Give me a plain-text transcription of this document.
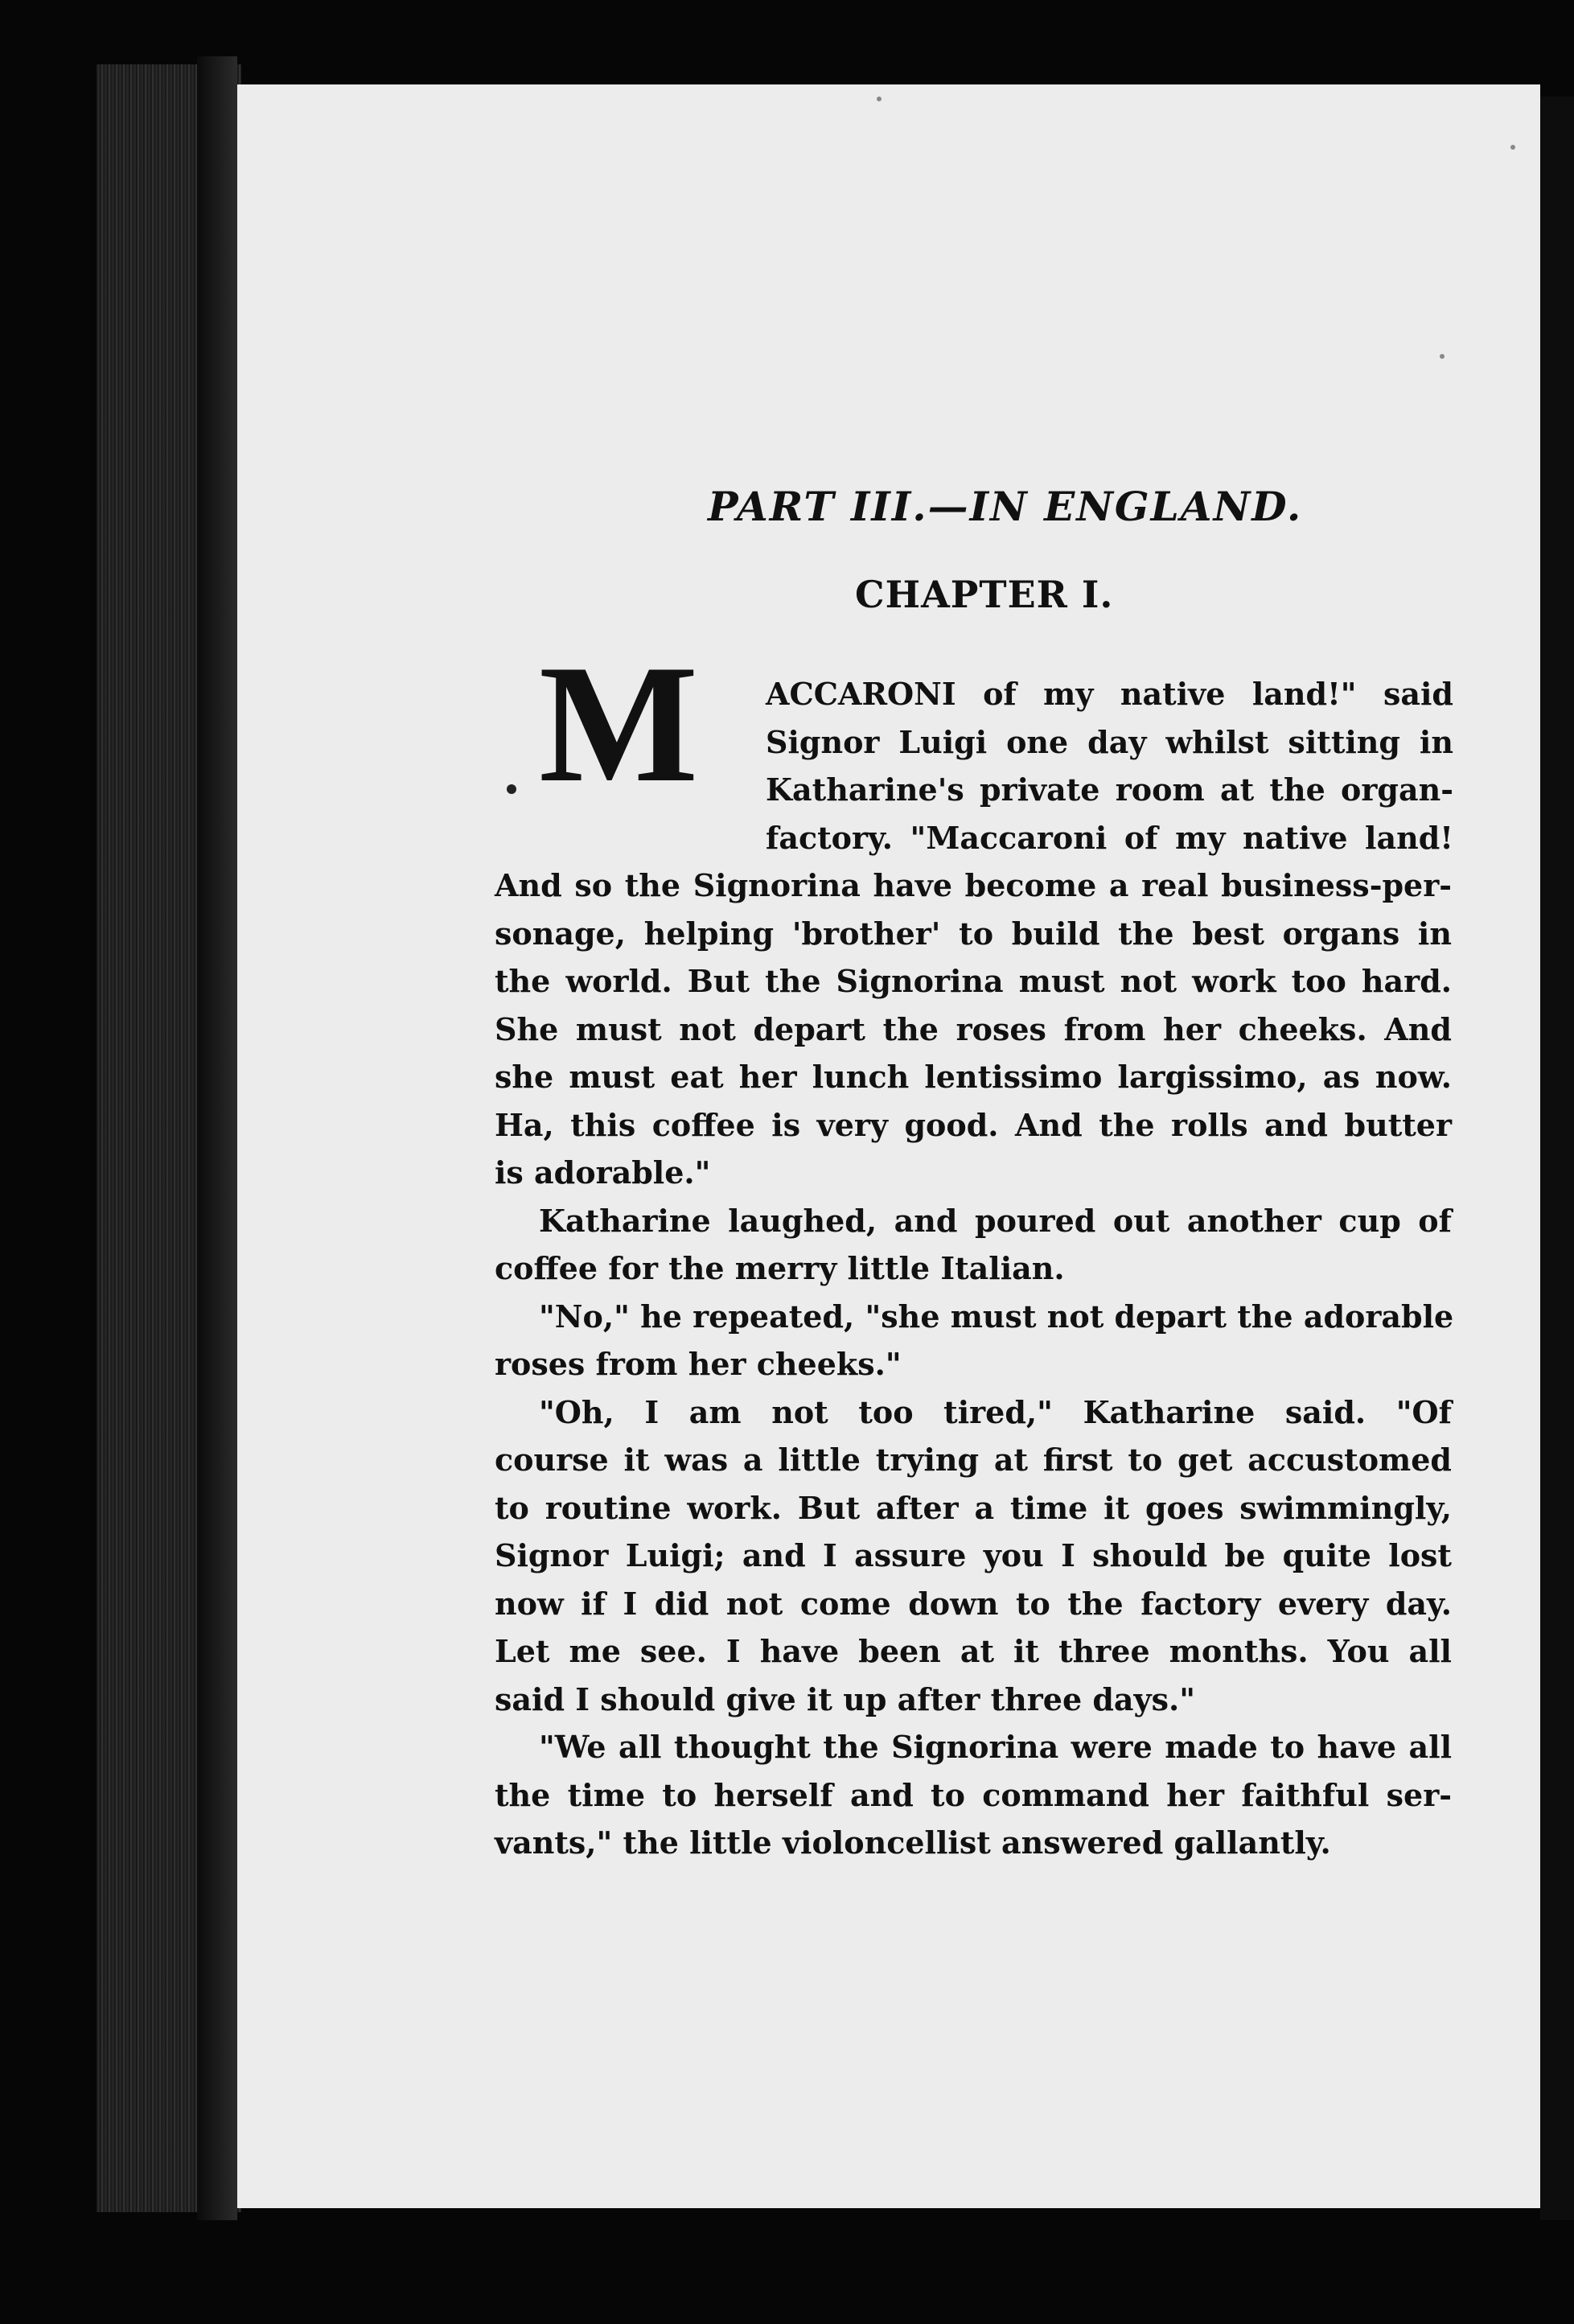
PART III.—IN ENGLAND.
CHAPTER I.
M ACCARONI of my native land!" said
Signor Luigi one day whilst sitting in
Katharine's private room at the organ-
factory. "Maccaroni of my native land!
And so the Signorina have become a real business-per-
sonage, helping 'brother' to build the best organs in
the world. But the Signorina must not work too hard.
She must not depart the roses from her cheeks. And
she must eat her lunch lentissimo largissimo, as now.
Ha, this coffee is very good. And the rolls and butter
is adorable."
Katharine laughed, and poured out another cup of
coffee for the merry little Italian.
"No," he repeated, "she must not depart the adorable
roses from her cheeks."
"Oh, I am not too tired," Katharine said. "Of
course it was a little trying at first to get accustomed
to routine work. But after a time it goes swimmingly,
Signor Luigi; and I assure you I should be quite lost
now if I did not come down to the factory every day.
Let me see. I have been at it three months. You all
said I should give it up after three days."
"We all thought the Signorina were made to have all
the time to herself and to command her faithful ser-
vants," the little violoncellist answered gallantly.
